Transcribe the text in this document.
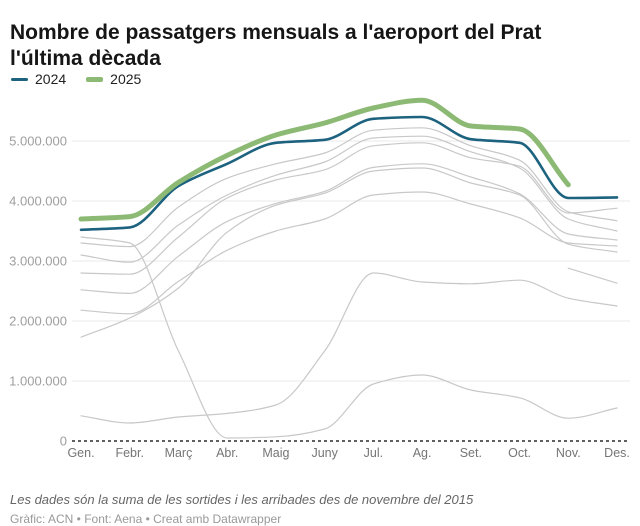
Nombre de passatgers mensuals a l'aeroport del Prat l'última dècada
2024	2025
0
1.000.000
2.000.000
3.000.000
4.000.000
5.000.000
Gen. Febr. Març Abr. Maig Juny Jul. Ag. Set. Oct. Nov. Des.

Les dades són la suma de les sortides i les arribades des de novembre del 2015

Gràfic: ACN • Font: Aena • Creat amb Datawrapper
